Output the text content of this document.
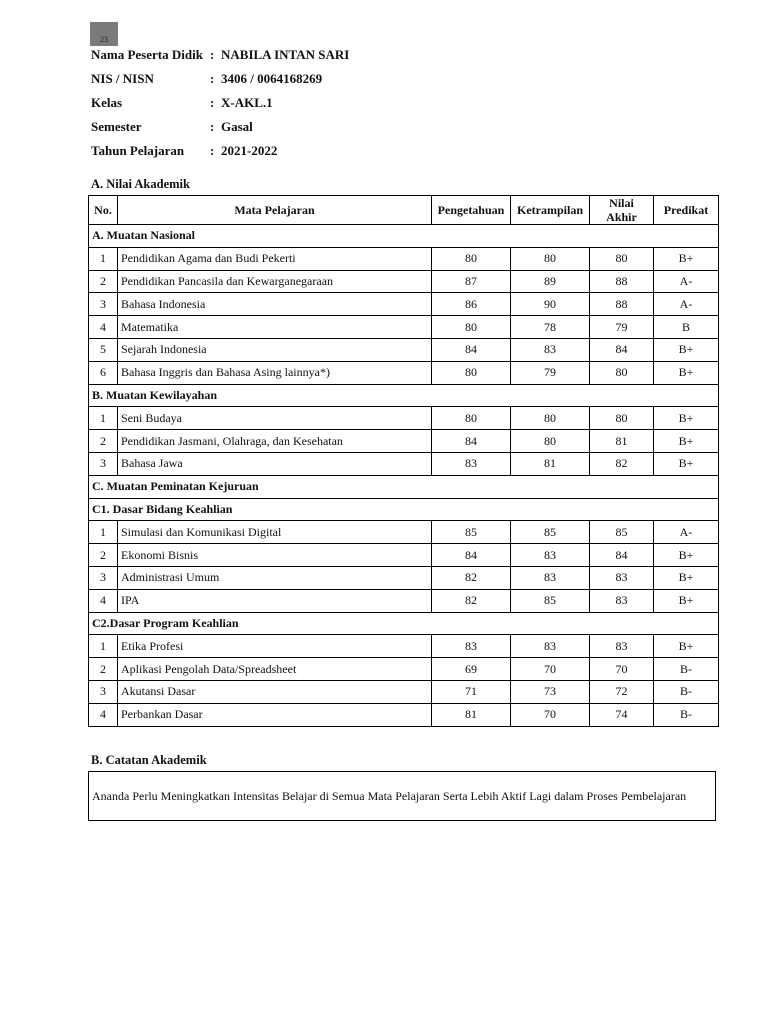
23
Nama Peserta Didik : NABILA INTAN SARI
NIS / NISN	: 3406 / 0064168269
Kelas	: X-AKL.1
Semester	: Gasal
Tahun Pelajaran : 2021-2022
A. Nilai Akademik
No.	Mata Pelajaran	Pengetahuan	Ketrampilan	Nilai Akhir	Predikat
A. Muatan Nasional					
1	Pendidikan Agama dan Budi Pekerti	80	80	80	B+
2	Pendidikan Pancasila dan Kewarganegaraan	87	89	88	A-
3	Bahasa Indonesia	86	90	88	A-
4	Matematika	80	78	79	B
5	Sejarah Indonesia	84	83	84	B+
6	Bahasa Inggris dan Bahasa Asing lainnya*)	80	79	80	B+
B. Muatan Kewilayahan					
1	Seni Budaya	80	80	80	B+
2	Pendidikan Jasmani, Olahraga, dan Kesehatan	84	80	81	B+
3	Bahasa Jawa	83	81	82	B+
C. Muatan Peminatan Kejuruan					
C1. Dasar Bidang Keahlian					
1	Simulasi dan Komunikasi Digital	85	85	85	A-
2	Ekonomi Bisnis	84	83	84	B+
3	Administrasi Umum	82	83	83	B+
4	IPA	82	85	83	B+
C2.Dasar Program Keahlian					
1	Etika Profesi	83	83	83	B+
2	Aplikasi Pengolah Data/Spreadsheet	69	70	70	B-
3	Akutansi Dasar	71	73	72	B-
4	Perbankan Dasar	81	70	74	B-
B. Catatan Akademik
Ananda Perlu Meningkatkan Intensitas Belajar di Semua Mata Pelajaran Serta Lebih Aktif Lagi dalam Proses Pembelajaran
